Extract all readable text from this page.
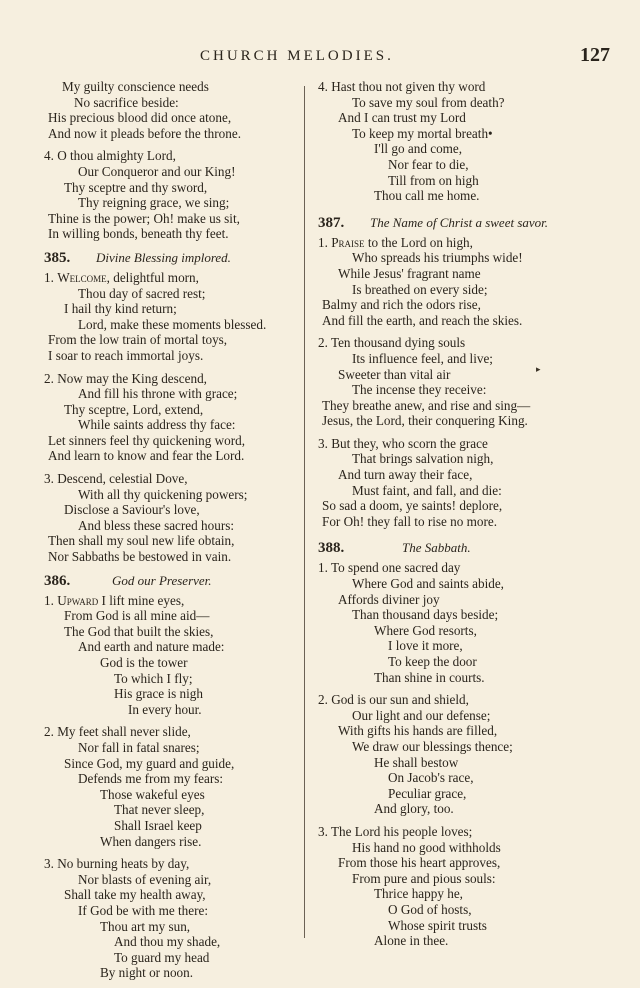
CHURCH MELODIES.	127
▸
My guilty conscience needs
No sacrifice beside:
His precious blood did once atone,
And now it pleads before the throne.
4. O thou almighty Lord,
Our Conqueror and our King!
Thy sceptre and thy sword,
Thy reigning grace, we sing;
Thine is the power; Oh! make us sit,
In willing bonds, beneath thy feet.
385. Divine Blessing implored.
1. Welcome, delightful morn,
Thou day of sacred rest;
I hail thy kind return;
Lord, make these moments blessed.
From the low train of mortal toys,
I soar to reach immortal joys.
2. Now may the King descend,
And fill his throne with grace;
Thy sceptre, Lord, extend,
While saints address thy face:
Let sinners feel thy quickening word,
And learn to know and fear the Lord.
3. Descend, celestial Dove,
With all thy quickening powers;
Disclose a Saviour's love,
And bless these sacred hours:
Then shall my soul new life obtain,
Nor Sabbaths be bestowed in vain.
386.	God our Preserver.
1. Upward I lift mine eyes,
From God is all mine aid—
The God that built the skies,
And earth and nature made:
God is the tower
To which I fly;
His grace is nigh
In every hour.
2. My feet shall never slide,
Nor fall in fatal snares;
Since God, my guard and guide,
Defends me from my fears:
Those wakeful eyes
That never sleep,
Shall Israel keep
When dangers rise.
3. No burning heats by day,
Nor blasts of evening air,
Shall take my health away,
If God be with me there:
Thou art my sun,
And thou my shade,
To guard my head
By night or noon.
4. Hast thou not given thy word
To save my soul from death?
And I can trust my Lord
To keep my mortal breath•
I'll go and come,
Nor fear to die,
Till from on high
Thou call me home.
387. The Name of Christ a sweet savor.
1. Praise to the Lord on high,
Who spreads his triumphs wide!
While Jesus' fragrant name
Is breathed on every side;
Balmy and rich the odors rise,
And fill the earth, and reach the skies.
2. Ten thousand dying souls
Its influence feel, and live;
Sweeter than vital air
The incense they receive:
They breathe anew, and rise and sing—
Jesus, the Lord, their conquering King.
3. But they, who scorn the grace
That brings salvation nigh,
And turn away their face,
Must faint, and fall, and die:
So sad a doom, ye saints! deplore,
For Oh! they fall to rise no more.
388.	The Sabbath.
1. To spend one sacred day
Where God and saints abide,
Affords diviner joy
Than thousand days beside;
Where God resorts,
I love it more,
To keep the door
Than shine in courts.
2. God is our sun and shield,
Our light and our defense;
With gifts his hands are filled,
We draw our blessings thence;
He shall bestow
On Jacob's race,
Peculiar grace,
And glory, too.
3. The Lord his people loves;
His hand no good withholds
From those his heart approves,
From pure and pious souls:
Thrice happy he,
O God of hosts,
Whose spirit trusts
Alone in thee.
